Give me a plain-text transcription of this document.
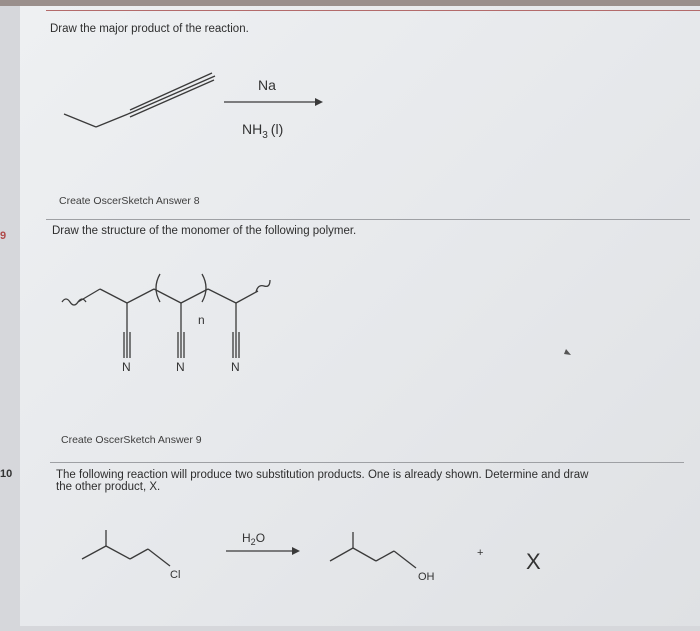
9
10
Draw the major product of the reaction.
Na
$NH_3$ (l)
Create OscerSketch Answer 8
Draw the structure of the monomer of the following polymer.
n
N	N	N
Create OscerSketch Answer 9
The following reaction will produce two substitution products. One is already shown. Determine and draw
the other product, X.
Cl
$H_2O$
OH
+ X
